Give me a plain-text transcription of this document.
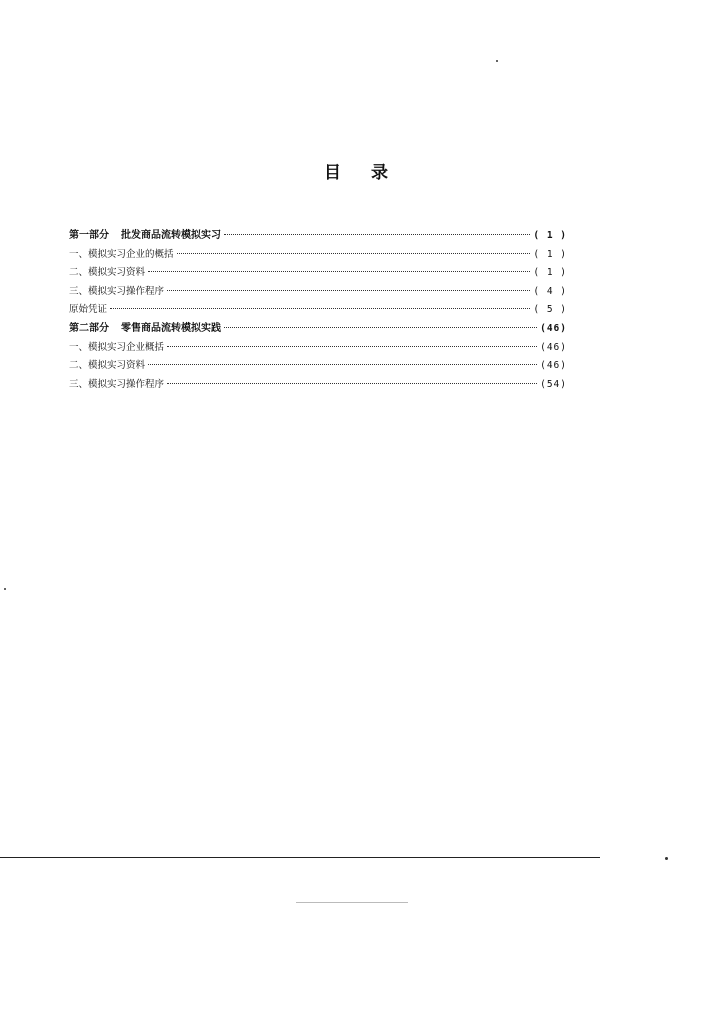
目 录
第一部分 批发商品流转模拟实习	( 1 )
一、模拟实习企业的概括	( 1 )
二、模拟实习资料	( 1 )
三、模拟实习操作程序	( 4 )
原始凭证	( 5 )
第二部分 零售商品流转模拟实践	(46)
一、模拟实习企业概括	(46)
二、模拟实习资料	(46)
三、模拟实习操作程序	(54)
